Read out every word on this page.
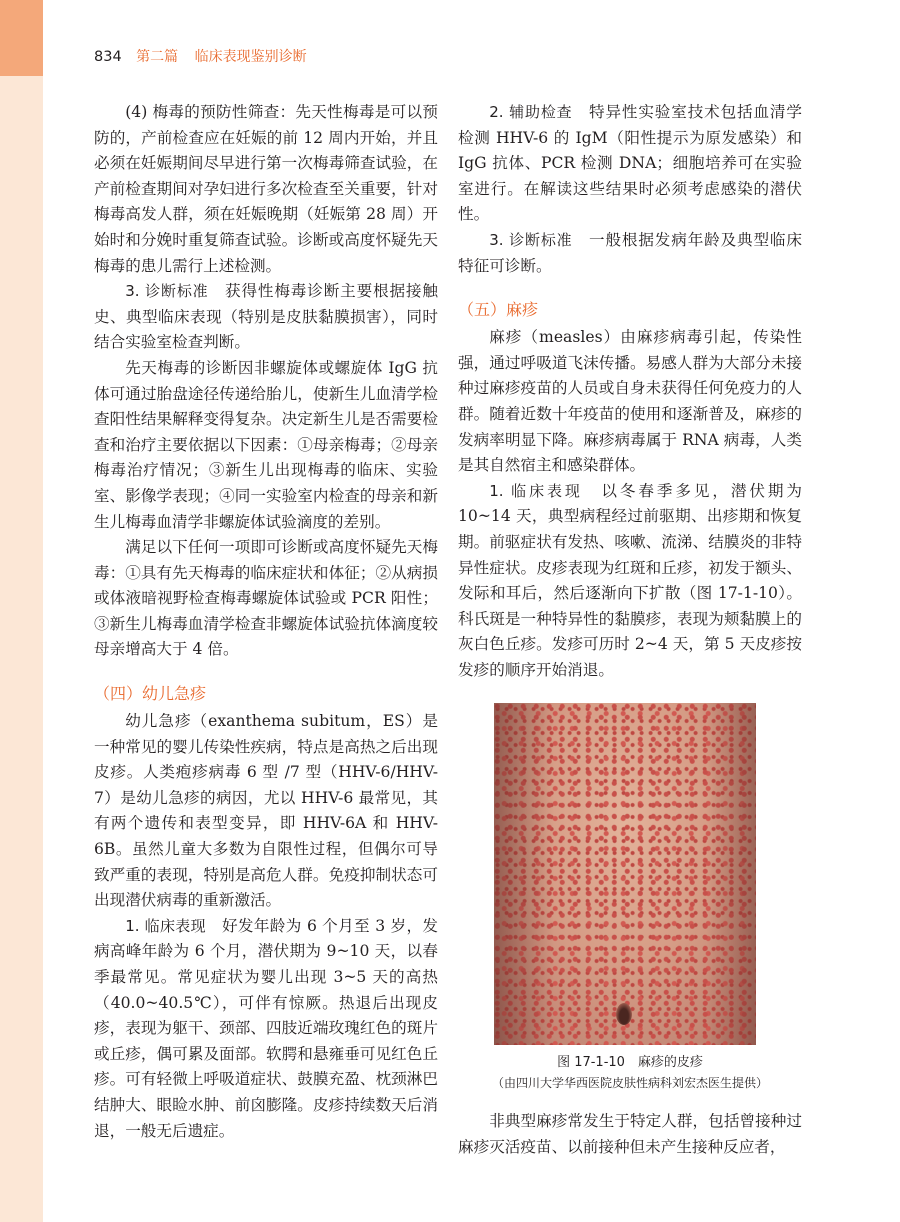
834 第二篇 临床表现鉴别诊断

(4) 梅毒的预防性筛查：先天性梅毒是可以预防的，产前检查应在妊娠的前 12 周内开始，并且必须在妊娠期间尽早进行第一次梅毒筛查试验，在产前检查期间对孕妇进行多次检查至关重要，针对梅毒高发人群，须在妊娠晚期（妊娠第 28 周）开始时和分娩时重复筛查试验。诊断或高度怀疑先天梅毒的患儿需行上述检测。

3. 诊断标准　 获得性梅毒诊断主要根据接触史、典型临床表现（特别是皮肤黏膜损害），同时结合实验室检查判断。

先天梅毒的诊断因非螺旋体或螺旋体 IgG 抗体可通过胎盘途径传递给胎儿，使新生儿血清学检查阳性结果解释变得复杂。决定新生儿是否需要检查和治疗主要依据以下因素：①母亲梅毒；②母亲梅毒治疗情况；③新生儿出现梅毒的临床、实验室、影像学表现；④同一实验室内检查的母亲和新生儿梅毒血清学非螺旋体试验滴度的差别。

满足以下任何一项即可诊断或高度怀疑先天梅毒：①具有先天梅毒的临床症状和体征；②从病损或体液暗视野检查梅毒螺旋体试验或 PCR 阳性；③新生儿梅毒血清学检查非螺旋体试验抗体滴度较母亲增高大于 4 倍。

（四）幼儿急疹

幼儿急疹（exanthema subitum，ES）是一种常见的婴儿传染性疾病，特点是高热之后出现皮疹。人类疱疹病毒 6 型 /7 型（HHV-6/HHV-7）是幼儿急疹的病因，尤以 HHV-6 最常见，其有两个遗传和表型变异，即 HHV-6A 和 HHV-6B。虽然儿童大多数为自限性过程，但偶尔可导致严重的表现，特别是高危人群。免疫抑制状态可出现潜伏病毒的重新激活。

1. 临床表现　 好发年龄为 6 个月至 3 岁，发病高峰年龄为 6 个月，潜伏期为 9~10 天，以春季最常见。常见症状为婴儿出现 3~5 天的高热（40.0~40.5℃），可伴有惊厥。热退后出现皮疹，表现为躯干、颈部、四肢近端玫瑰红色的斑片或丘疹，偶可累及面部。软腭和悬雍垂可见红色丘疹。可有轻微上呼吸道症状、鼓膜充盈、枕颈淋巴结肿大、眼睑水肿、前囟膨隆。皮疹持续数天后消退，一般无后遗症。

2. 辅助检查　 特异性实验室技术包括血清学检测 HHV-6 的 IgM（阳性提示为原发感染）和 IgG 抗体、PCR 检测 DNA；细胞培养可在实验室进行。在解读这些结果时必须考虑感染的潜伏性。

3. 诊断标准　 一般根据发病年龄及典型临床特征可诊断。

（五）麻疹

麻疹（measles）由麻疹病毒引起，传染性强，通过呼吸道飞沫传播。易感人群为大部分未接种过麻疹疫苗的人员或自身未获得任何免疫力的人群。随着近数十年疫苗的使用和逐渐普及，麻疹的发病率明显下降。麻疹病毒属于 RNA 病毒，人类是其自然宿主和感染群体。

1. 临床表现　 以冬春季多见，潜伏期为 10~14 天，典型病程经过前驱期、出疹期和恢复期。前驱症状有发热、咳嗽、流涕、结膜炎的非特异性症状。皮疹表现为红斑和丘疹，初发于额头、发际和耳后，然后逐渐向下扩散（图 17-1-10）。科氏斑是一种特异性的黏膜疹，表现为颊黏膜上的灰白色丘疹。发疹可历时 2~4 天，第 5 天皮疹按发疹的顺序开始消退。

图 17-1-10　麻疹的皮疹
（由四川大学华西医院皮肤性病科刘宏杰医生提供）

非典型麻疹常发生于特定人群，包括曾接种过麻疹灭活疫苗、以前接种但未产生接种反应者，
